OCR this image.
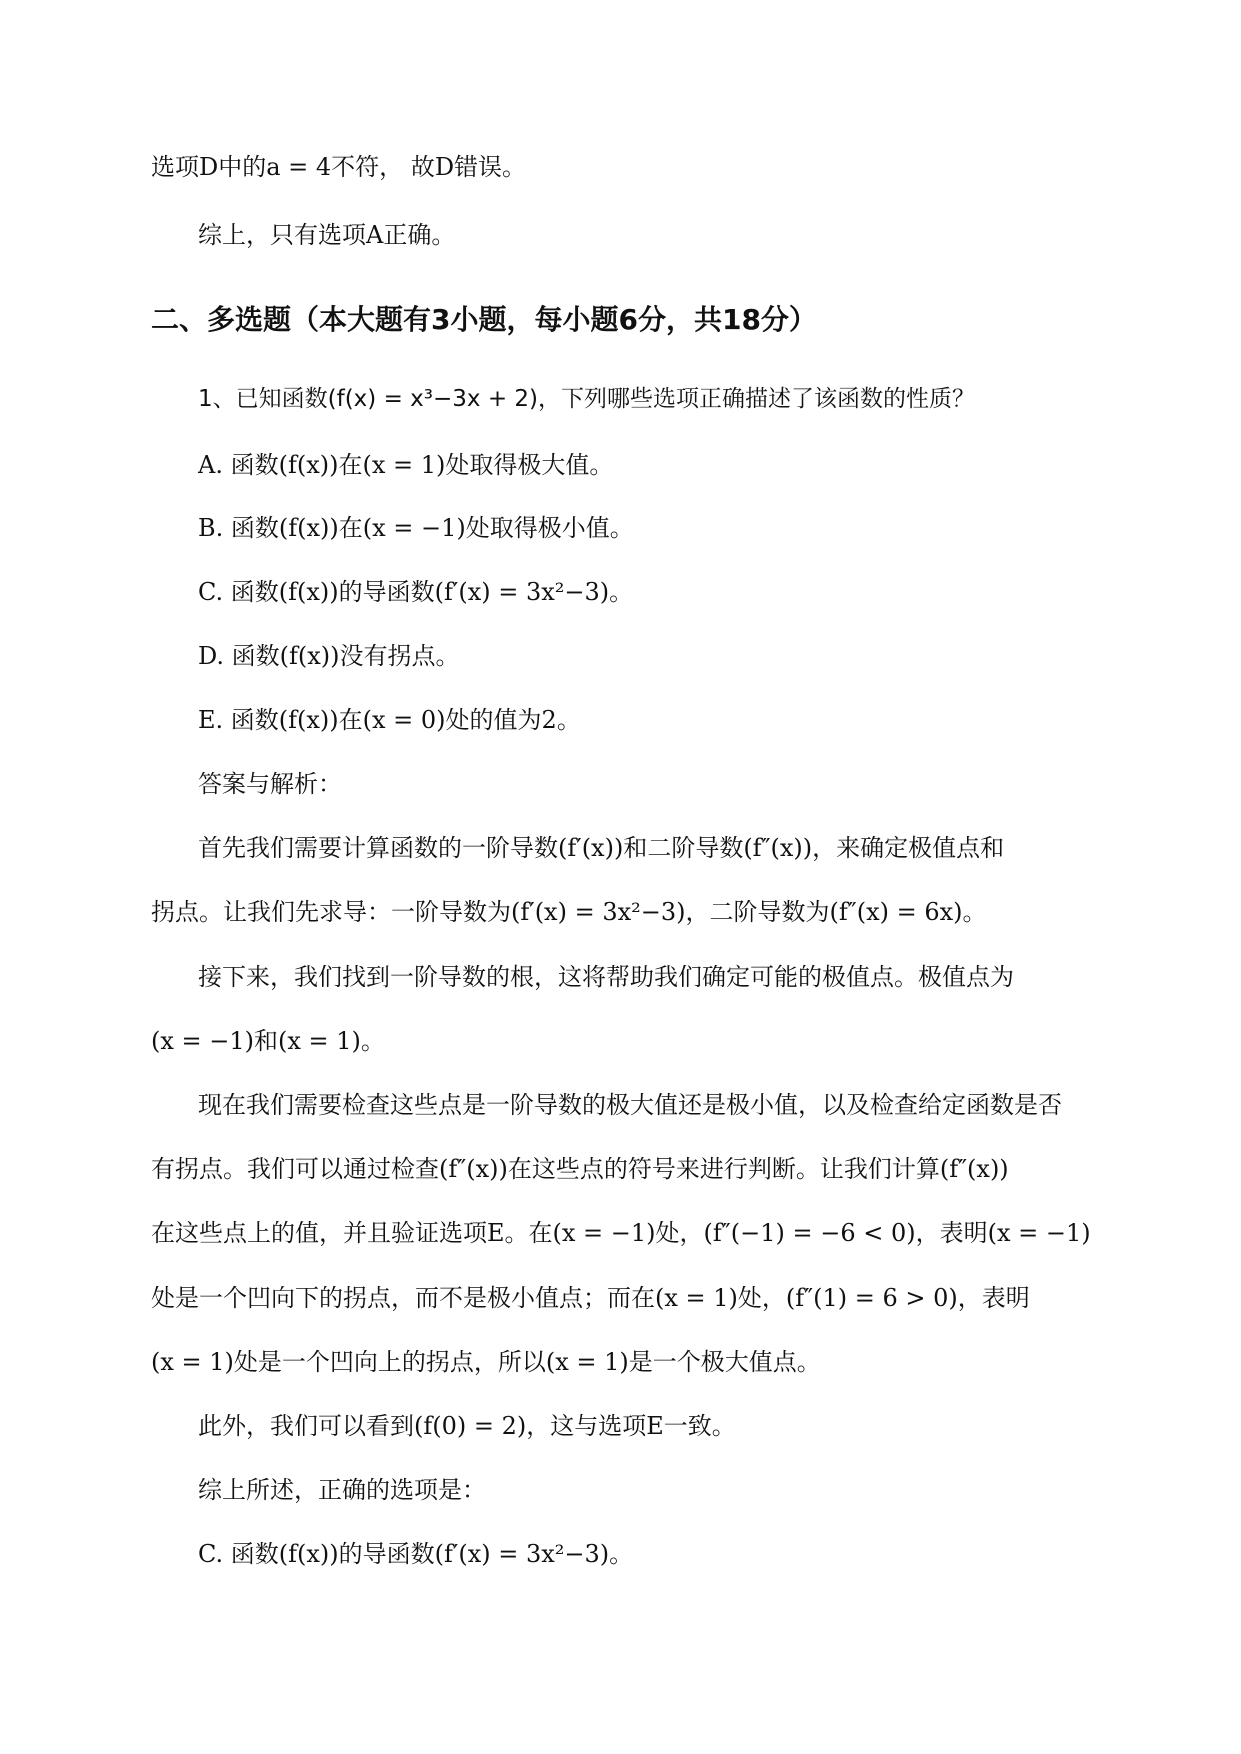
选项D中的a = 4不符， 故D错误。
综上，只有选项A正确。
二、多选题（本大题有3小题，每小题6分，共18分）
1、已知函数(f(x) = x³−3x + 2)，下列哪些选项正确描述了该函数的性质？
A. 函数(f(x))在(x = 1)处取得极大值。
B. 函数(f(x))在(x = −1)处取得极小值。
C. 函数(f(x))的导函数(f′(x) = 3x²−3)。
D. 函数(f(x))没有拐点。
E. 函数(f(x))在(x = 0)处的值为2。
答案与解析：
首先我们需要计算函数的一阶导数(f′(x))和二阶导数(f″(x))，来确定极值点和
拐点。让我们先求导：一阶导数为(f′(x) = 3x²−3)，二阶导数为(f″(x) = 6x)。
接下来，我们找到一阶导数的根，这将帮助我们确定可能的极值点。极值点为
(x = −1)和(x = 1)。
现在我们需要检查这些点是一阶导数的极大值还是极小值，以及检查给定函数是否
有拐点。我们可以通过检查(f″(x))在这些点的符号来进行判断。让我们计算(f″(x))
在这些点上的值，并且验证选项E。在(x = −1)处，(f″(−1) = −6 < 0)，表明(x = −1)
处是一个凹向下的拐点，而不是极小值点；而在(x = 1)处，(f″(1) = 6 > 0)，表明
(x = 1)处是一个凹向上的拐点，所以(x = 1)是一个极大值点。
此外，我们可以看到(f(0) = 2)，这与选项E一致。
综上所述，正确的选项是：
C. 函数(f(x))的导函数(f′(x) = 3x²−3)。
